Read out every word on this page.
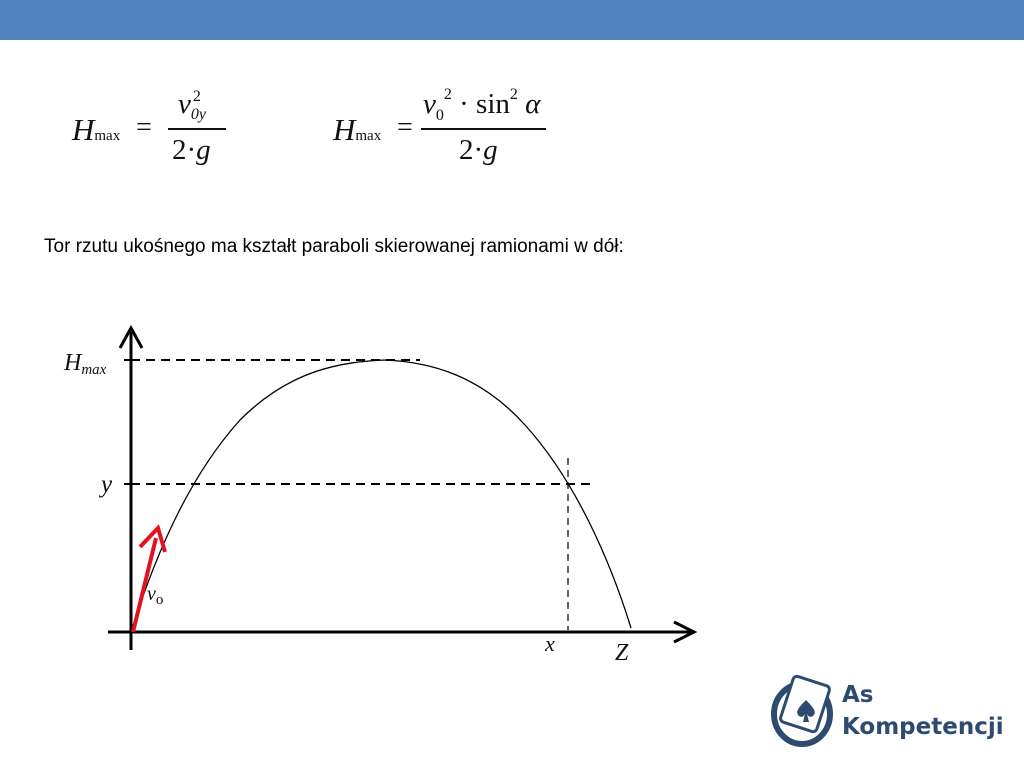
Hmax =
v 2
0y
2·g
Hmax =
$v_0^2 \cdot \sin^2 \alpha$
2·g
Tor rzutu ukośnego ma kształt paraboli skierowanej ramionami w dół:
Hmax
y
$v_o$
x	Z
As
Kompetencji
